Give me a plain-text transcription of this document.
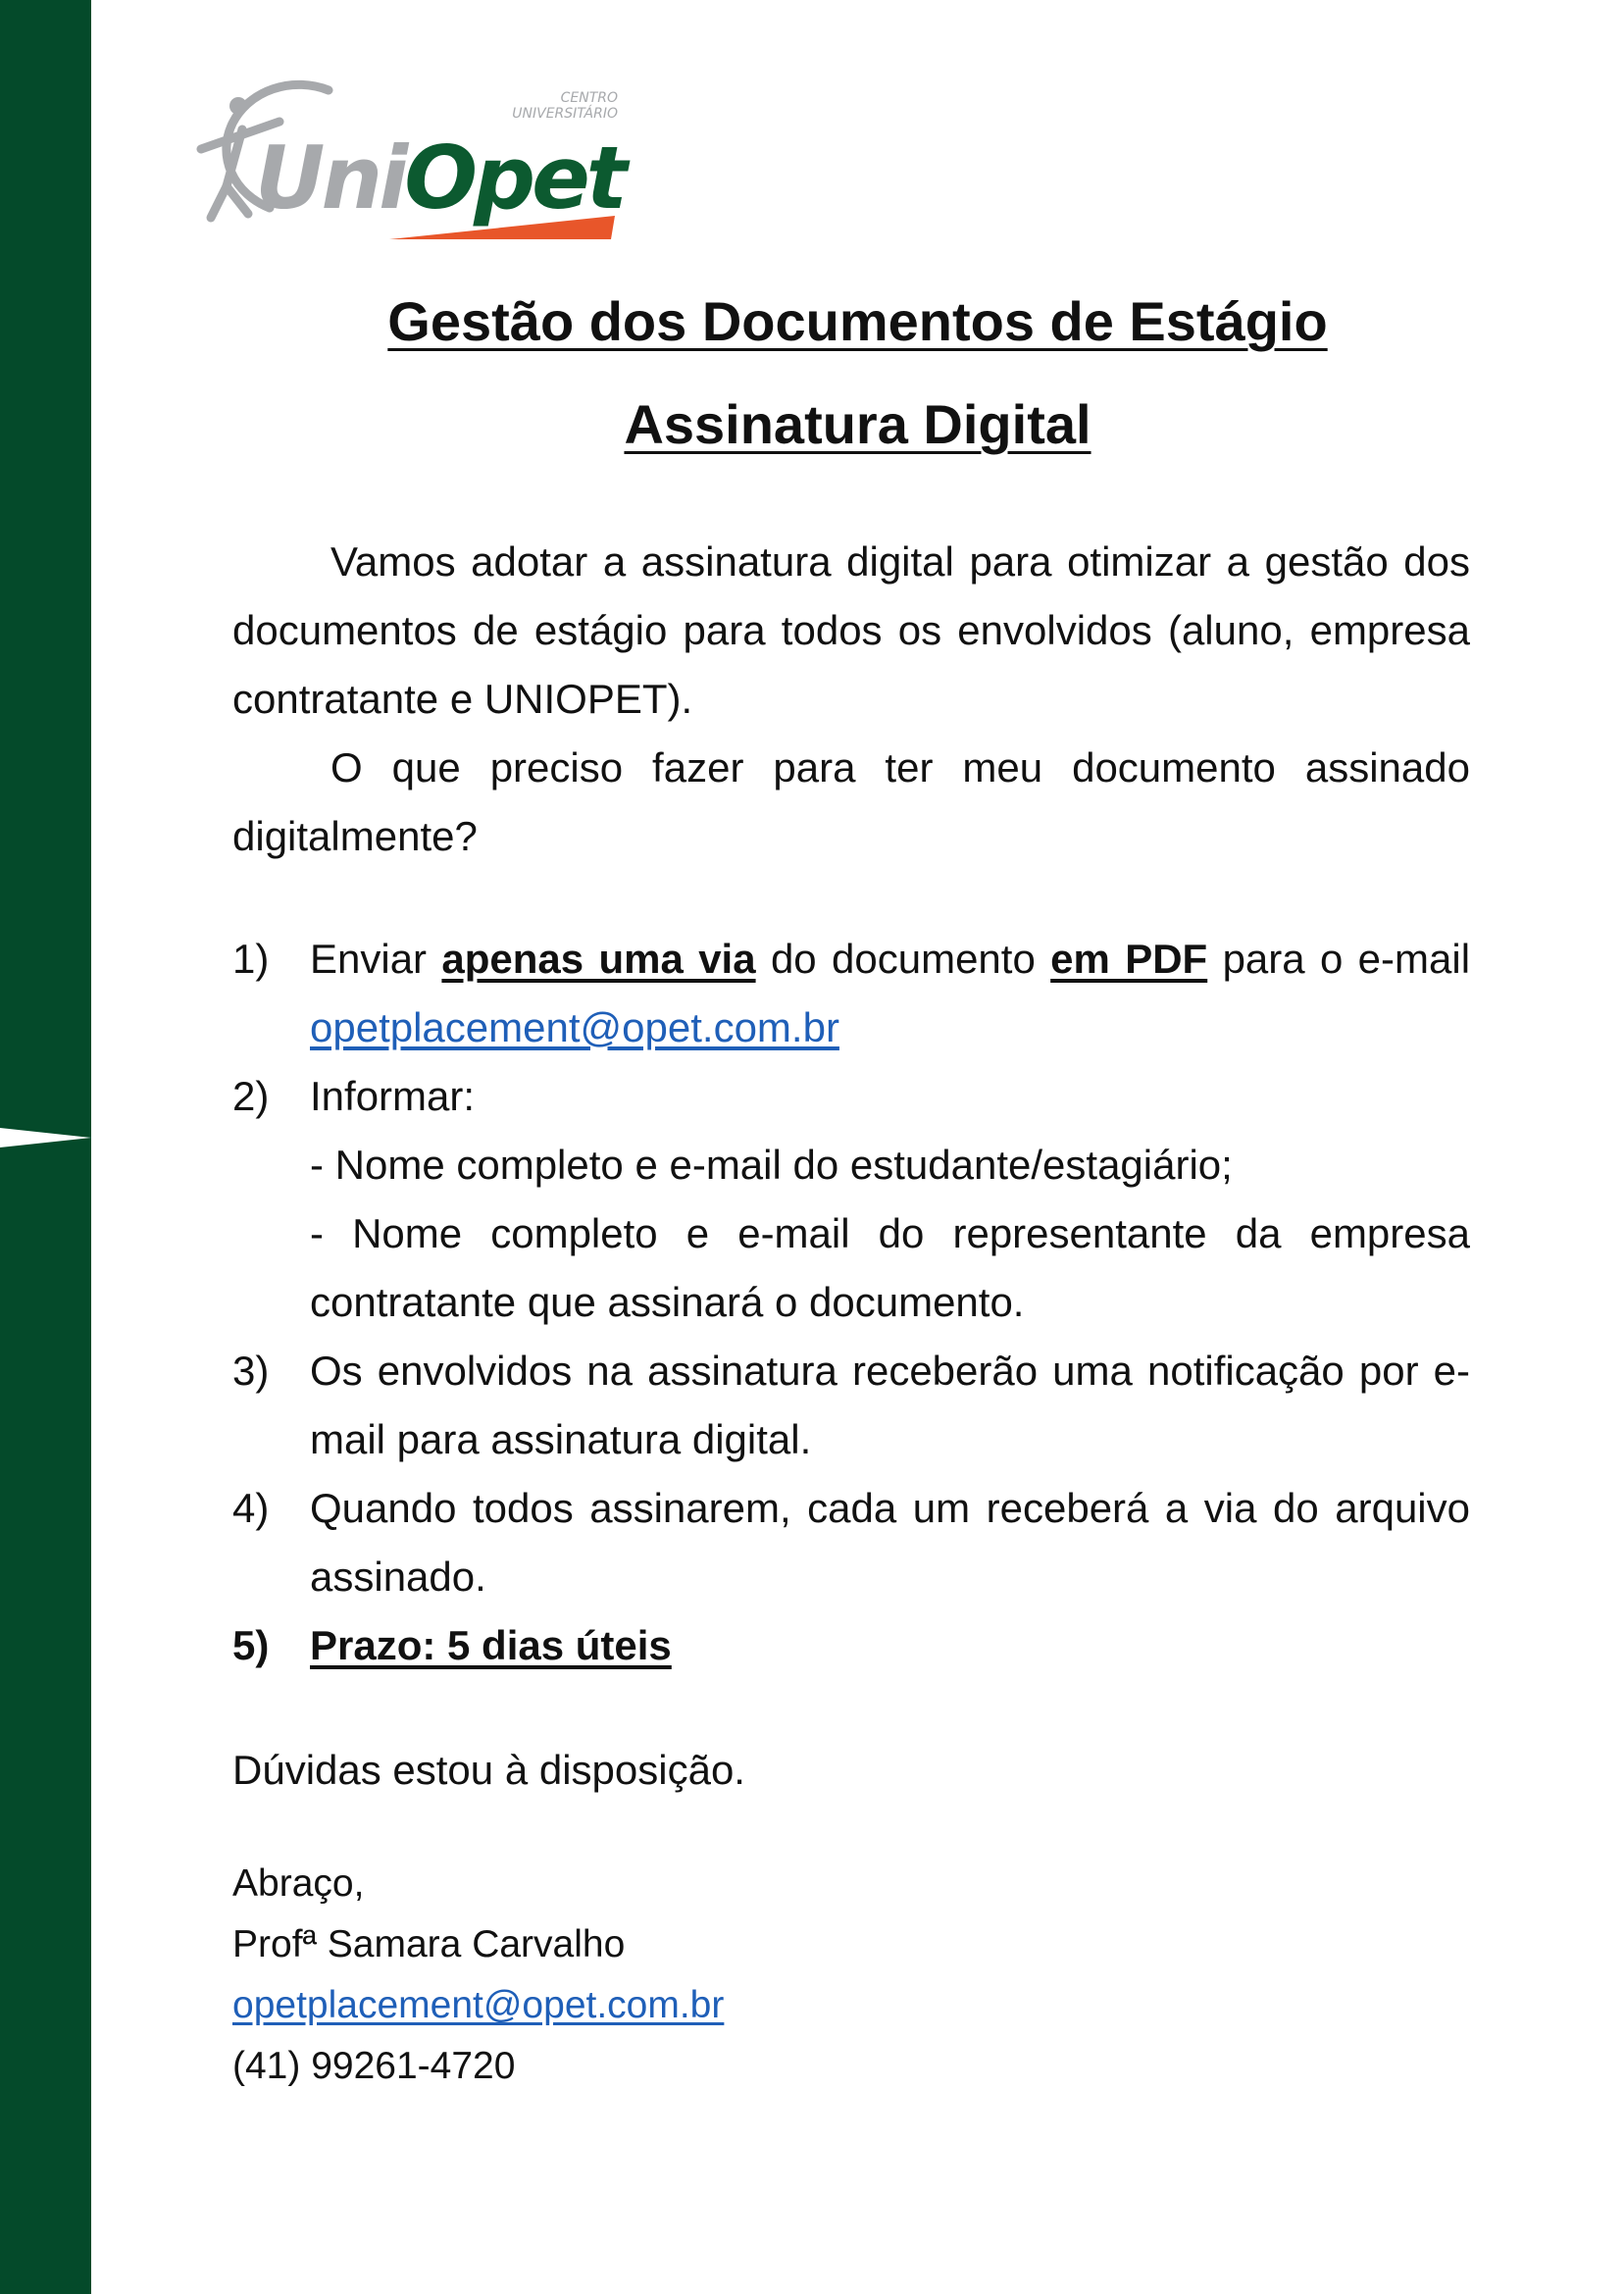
CENTRO
UNIVERSITÁRIO
UniOpet
Gestão dos Documentos de Estágio
Assinatura Digital

Vamos adotar a assinatura digital para otimizar a gestão dos documentos de estágio para todos os envolvidos (aluno, empresa contratante e UNIOPET).

O que preciso fazer para ter meu documento assinado digitalmente?

1) Enviar apenas uma via do documento em PDF para o e-mail opetplacement@opet.com.br
2) Informar:
- Nome completo e e-mail do estudante/estagiário;
- Nome completo e e-mail do representante da empresa contratante que assinará o documento.
3) Os envolvidos na assinatura receberão uma notificação por e-mail para assinatura digital.
4) Quando todos assinarem, cada um receberá a via do arquivo assinado.
5) Prazo: 5 dias úteis
Dúvidas estou à disposição.
Abraço,
Profª Samara Carvalho
opetplacement@opet.com.br
(41) 99261-4720
